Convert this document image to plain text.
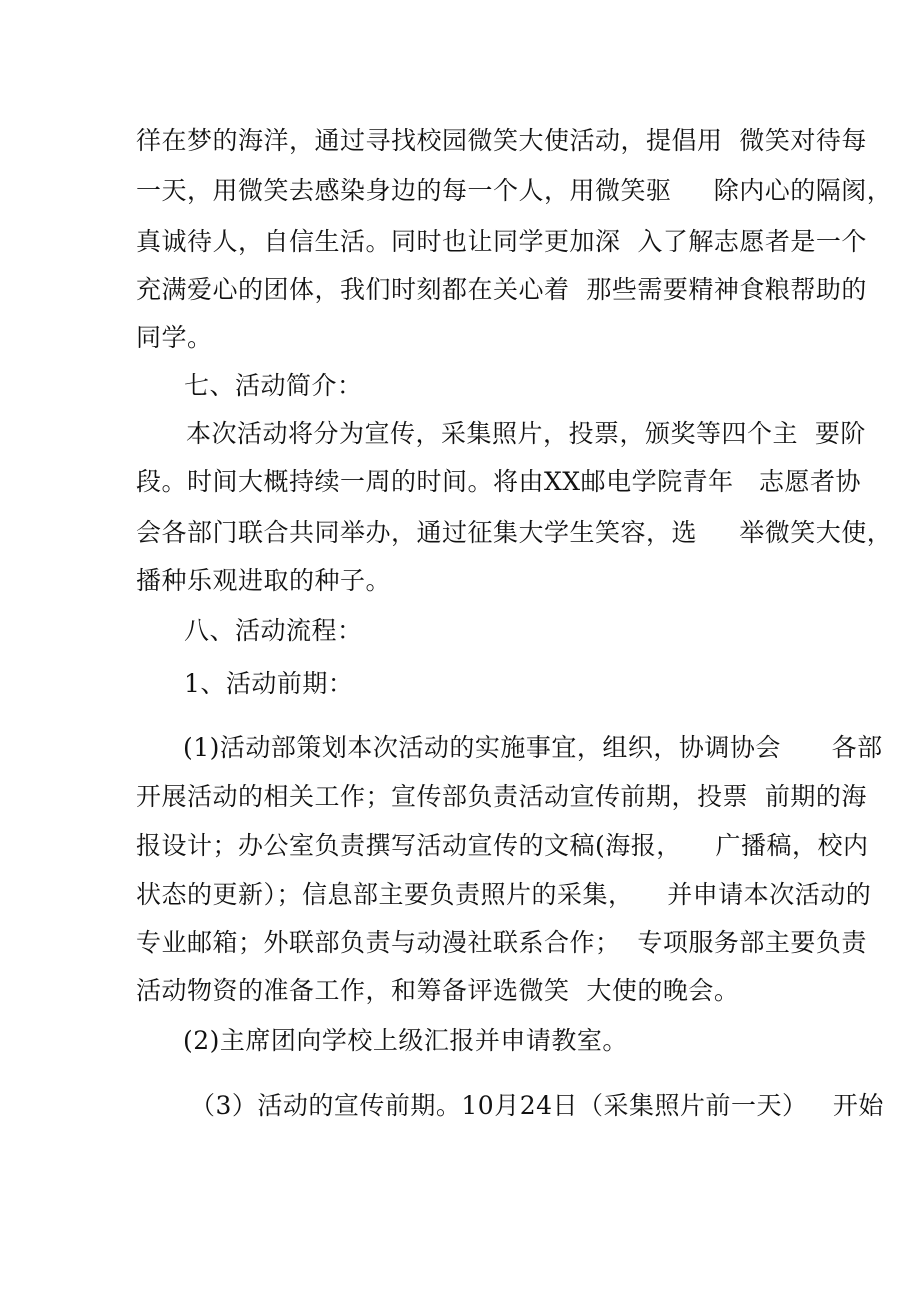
徉在梦的海洋，通过寻找校园微笑大使活动，提倡用  微笑对待每
一天，用微笑去感染身边的每一个人，用微笑驱     除内心的隔阂，
真诚待人，自信生活。同时也让同学更加深  入了解志愿者是一个
充满爱心的团体，我们时刻都在关心着  那些需要精神食粮帮助的
同学。
七、活动简介：
本次活动将分为宣传，采集照片，投票，颁奖等四个主  要阶
段。时间大概持续一周的时间。将由XX邮电学院青年   志愿者协
会各部门联合共同举办，通过征集大学生笑容，选     举微笑大使，
播种乐观进取的种子。
八、活动流程：
1、活动前期：
(1)活动部策划本次活动的实施事宜，组织，协调协会      各部
开展活动的相关工作；宣传部负责活动宣传前期，投票  前期的海
报设计；办公室负责撰写活动宣传的文稿(海报，    广播稿，校内
状态的更新）；信息部主要负责照片的采集，    并申请本次活动的
专业邮箱；外联部负责与动漫社联系合作；  专项服务部主要负责
活动物资的准备工作，和筹备评选微笑  大使的晚会。
(2)主席团向学校上级汇报并申请教室。
（3）活动的宣传前期。10月24日（采集照片前一天）   开始
